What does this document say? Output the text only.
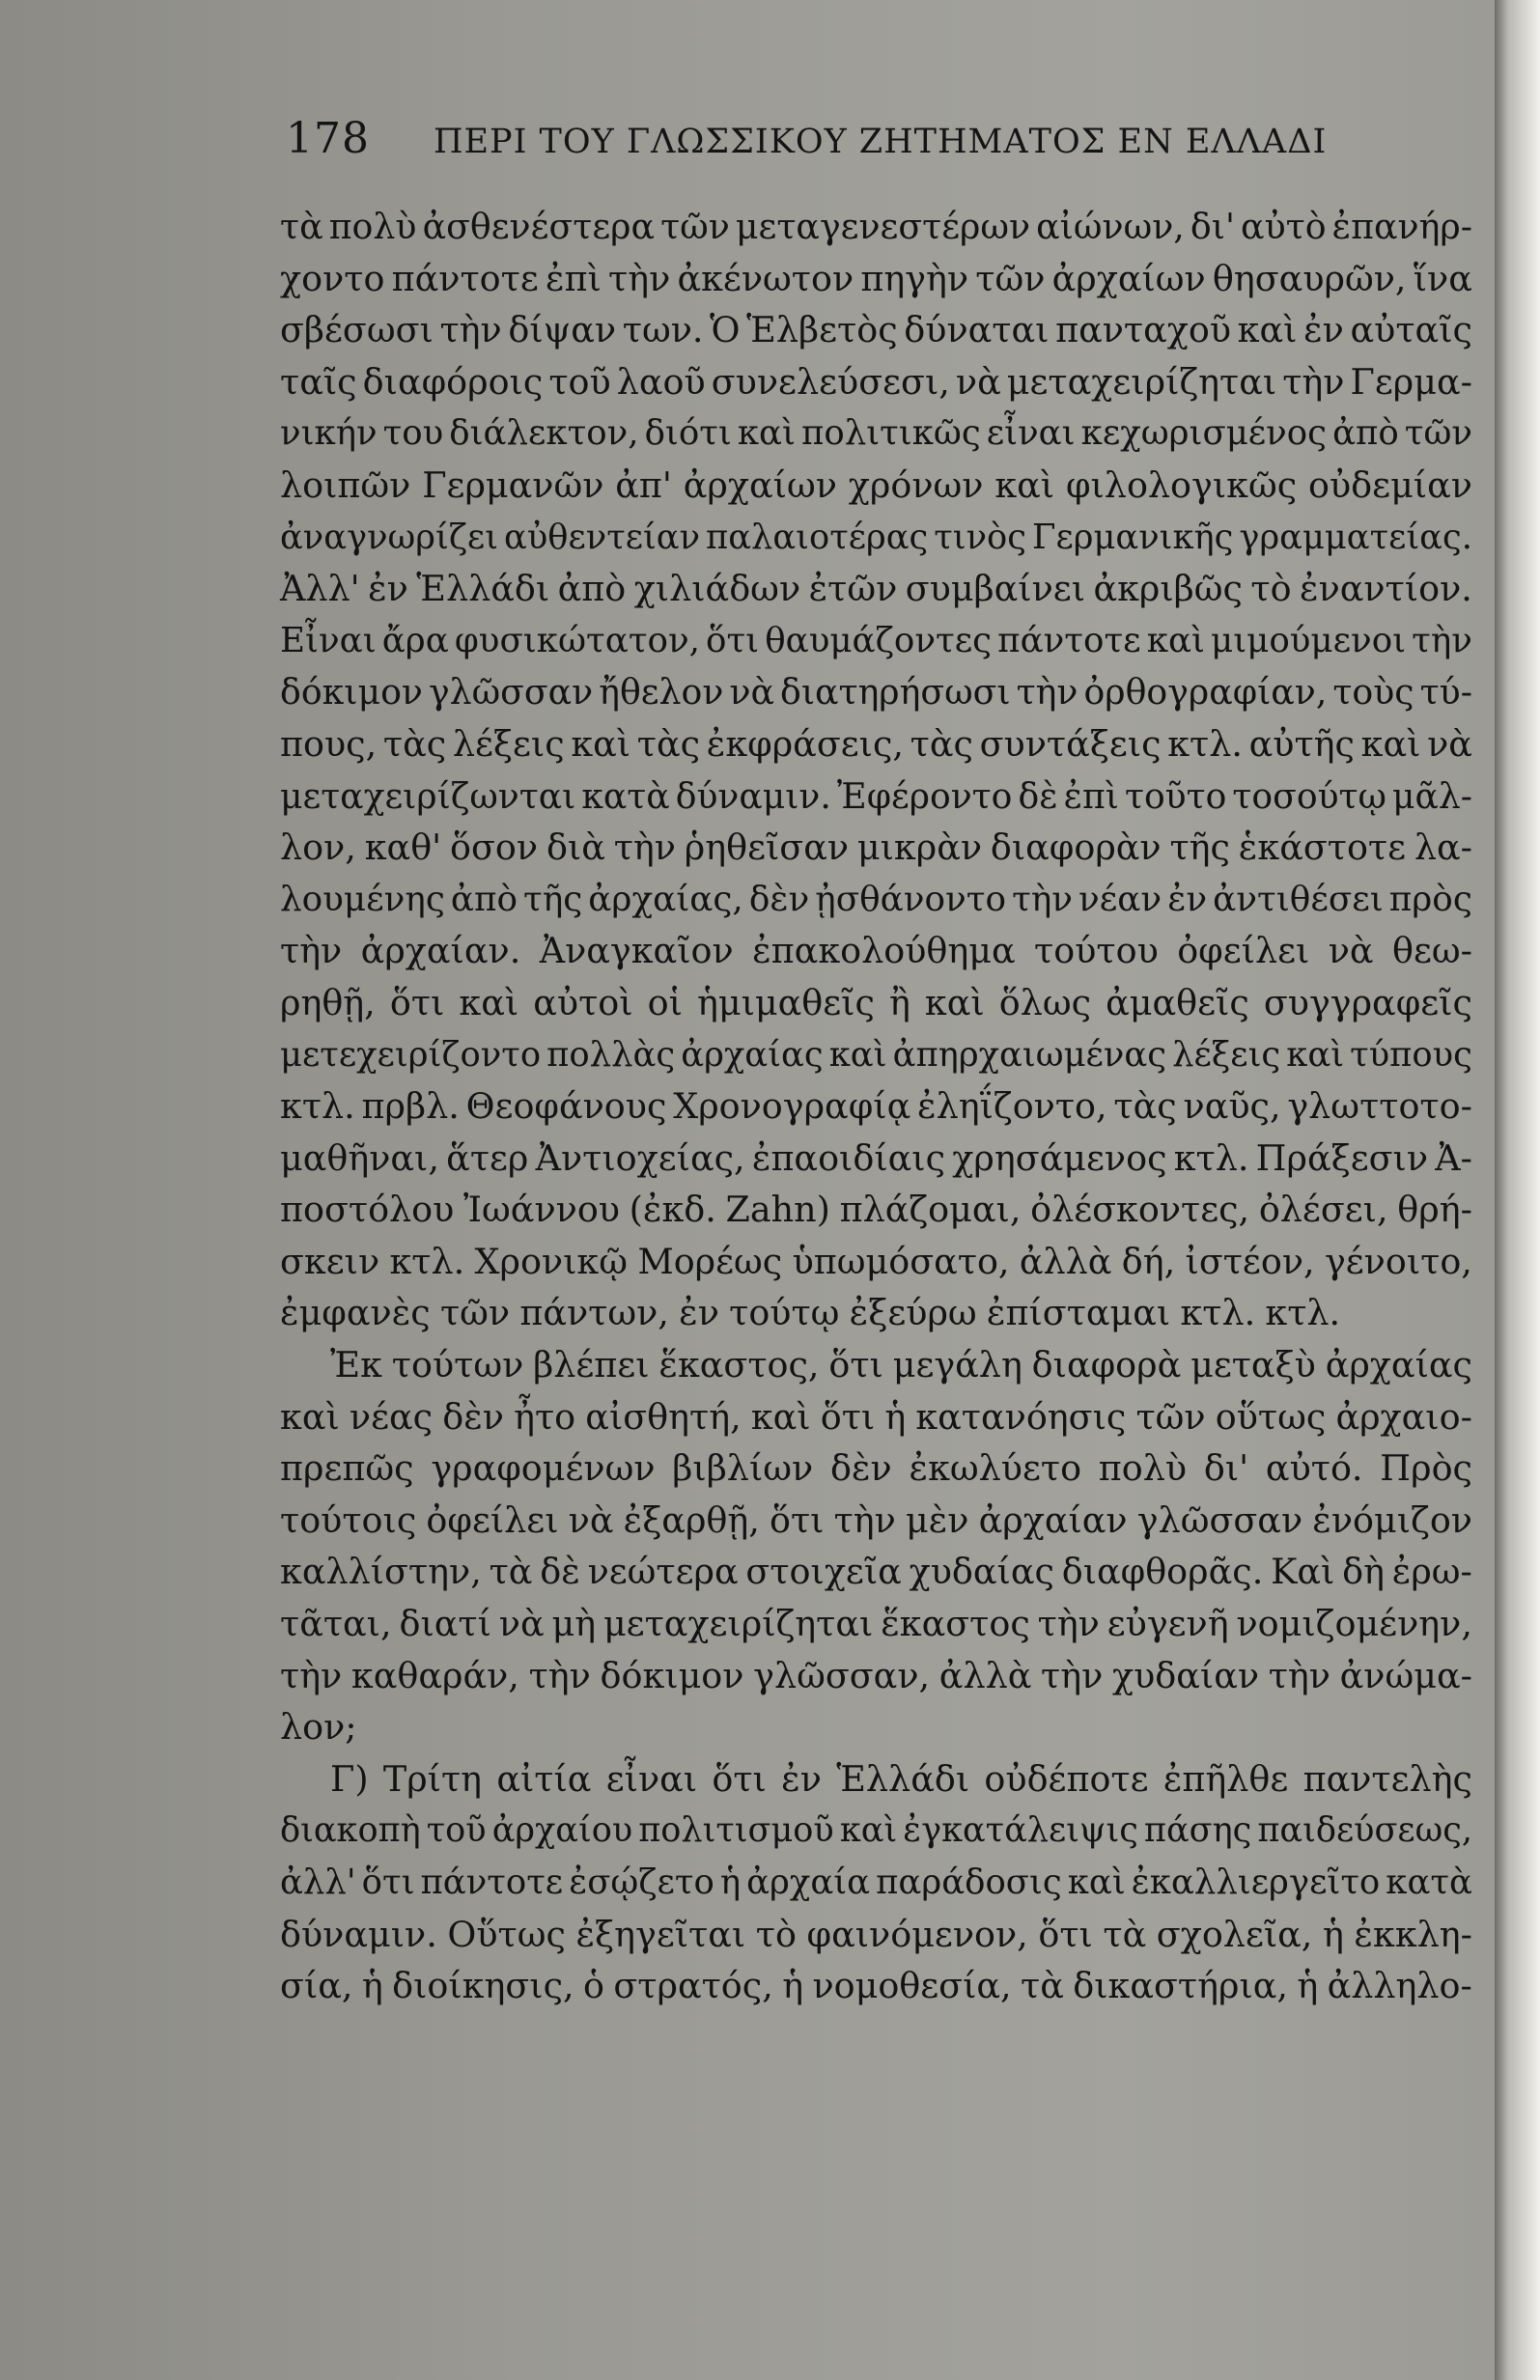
178 ΠΕΡΙ ΤΟΥ ΓΛΩΣΣΙΚΟΥ ΖΗΤΗΜΑΤΟΣ ΕΝ ΕΛΛΑΔΙ
τὰ πολὺ ἀσθενέστερα τῶν μεταγενεστέρων αἰώνων, δι' αὐτὸ ἐπανήρ-
χοντο πάντοτε ἐπὶ τὴν ἀκένωτον πηγὴν τῶν ἀρχαίων θησαυρῶν, ἵνα
σβέσωσι τὴν δίψαν των. Ὁ Ἑλβετὸς δύναται πανταχοῦ καὶ ἐν αὐταῖς
ταῖς διαφόροις τοῦ λαοῦ συνελεύσεσι, νὰ μεταχειρίζηται τὴν Γερμα-
νικήν του διάλεκτον, διότι καὶ πολιτικῶς εἶναι κεχωρισμένος ἀπὸ τῶν
λοιπῶν Γερμανῶν ἀπ' ἀρχαίων χρόνων καὶ φιλολογικῶς οὐδεμίαν
ἀναγνωρίζει αὐθεντείαν παλαιοτέρας τινὸς Γερμανικῆς γραμματείας.
Ἀλλ' ἐν Ἑλλάδι ἀπὸ χιλιάδων ἐτῶν συμβαίνει ἀκριβῶς τὸ ἐναντίον.
Εἶναι ἄρα φυσικώτατον, ὅτι θαυμάζοντες πάντοτε καὶ μιμούμενοι τὴν
δόκιμον γλῶσσαν ἤθελον νὰ διατηρήσωσι τὴν ὀρθογραφίαν, τοὺς τύ-
πους, τὰς λέξεις καὶ τὰς ἐκφράσεις, τὰς συντάξεις κτλ. αὐτῆς καὶ νὰ
μεταχειρίζωνται κατὰ δύναμιν. Ἐφέροντο δὲ ἐπὶ τοῦτο τοσούτῳ μᾶλ-
λον, καθ' ὅσον διὰ τὴν ῥηθεῖσαν μικρὰν διαφορὰν τῆς ἑκάστοτε λα-
λουμένης ἀπὸ τῆς ἀρχαίας, δὲν ᾐσθάνοντο τὴν νέαν ἐν ἀντιθέσει πρὸς
τὴν ἀρχαίαν. Ἀναγκαῖον ἐπακολούθημα τούτου ὀφείλει νὰ θεω-
ρηθῇ, ὅτι καὶ αὐτοὶ οἱ ἡμιμαθεῖς ἢ καὶ ὅλως ἀμαθεῖς συγγραφεῖς
μετεχειρίζοντο πολλὰς ἀρχαίας καὶ ἀπηρχαιωμένας λέξεις καὶ τύπους
κτλ. πρβλ. Θεοφάνους Χρονογραφίᾳ ἐληΐζοντο, τὰς ναῦς, γλωττοτο-
μαθῆναι, ἅτερ Ἀντιοχείας, ἐπαοιδίαις χρησάμενος κτλ. Πράξεσιν Ἀ-
ποστόλου Ἰωάννου (ἐκδ. Zahn) πλάζομαι, ὀλέσκοντες, ὀλέσει, θρή-
σκειν κτλ. Χρονικῷ Μορέως ὑπωμόσατο, ἀλλὰ δή, ἰστέον, γένοιτο,
ἐμφανὲς τῶν πάντων, ἐν τούτῳ ἐξεύρω ἐπίσταμαι κτλ. κτλ.
Ἐκ τούτων βλέπει ἕκαστος, ὅτι μεγάλη διαφορὰ μεταξὺ ἀρχαίας
καὶ νέας δὲν ἦτο αἰσθητή, καὶ ὅτι ἡ κατανόησις τῶν οὕτως ἀρχαιο-
πρεπῶς γραφομένων βιβλίων δὲν ἐκωλύετο πολὺ δι' αὐτό. Πρὸς
τούτοις ὀφείλει νὰ ἐξαρθῇ, ὅτι τὴν μὲν ἀρχαίαν γλῶσσαν ἐνόμιζον
καλλίστην, τὰ δὲ νεώτερα στοιχεῖα χυδαίας διαφθορᾶς. Καὶ δὴ ἐρω-
τᾶται, διατί νὰ μὴ μεταχειρίζηται ἕκαστος τὴν εὐγενῆ νομιζομένην,
τὴν καθαράν, τὴν δόκιμον γλῶσσαν, ἀλλὰ τὴν χυδαίαν τὴν ἀνώμα-
λον;
Γ) Τρίτη αἰτία εἶναι ὅτι ἐν Ἑλλάδι οὐδέποτε ἐπῆλθε παντελὴς
διακοπὴ τοῦ ἀρχαίου πολιτισμοῦ καὶ ἐγκατάλειψις πάσης παιδεύσεως,
ἀλλ' ὅτι πάντοτε ἐσῴζετο ἡ ἀρχαία παράδοσις καὶ ἐκαλλιεργεῖτο κατὰ
δύναμιν. Οὕτως ἐξηγεῖται τὸ φαινόμενον, ὅτι τὰ σχολεῖα, ἡ ἐκκλη-
σία, ἡ διοίκησις, ὁ στρατός, ἡ νομοθεσία, τὰ δικαστήρια, ἡ ἀλληλο-
